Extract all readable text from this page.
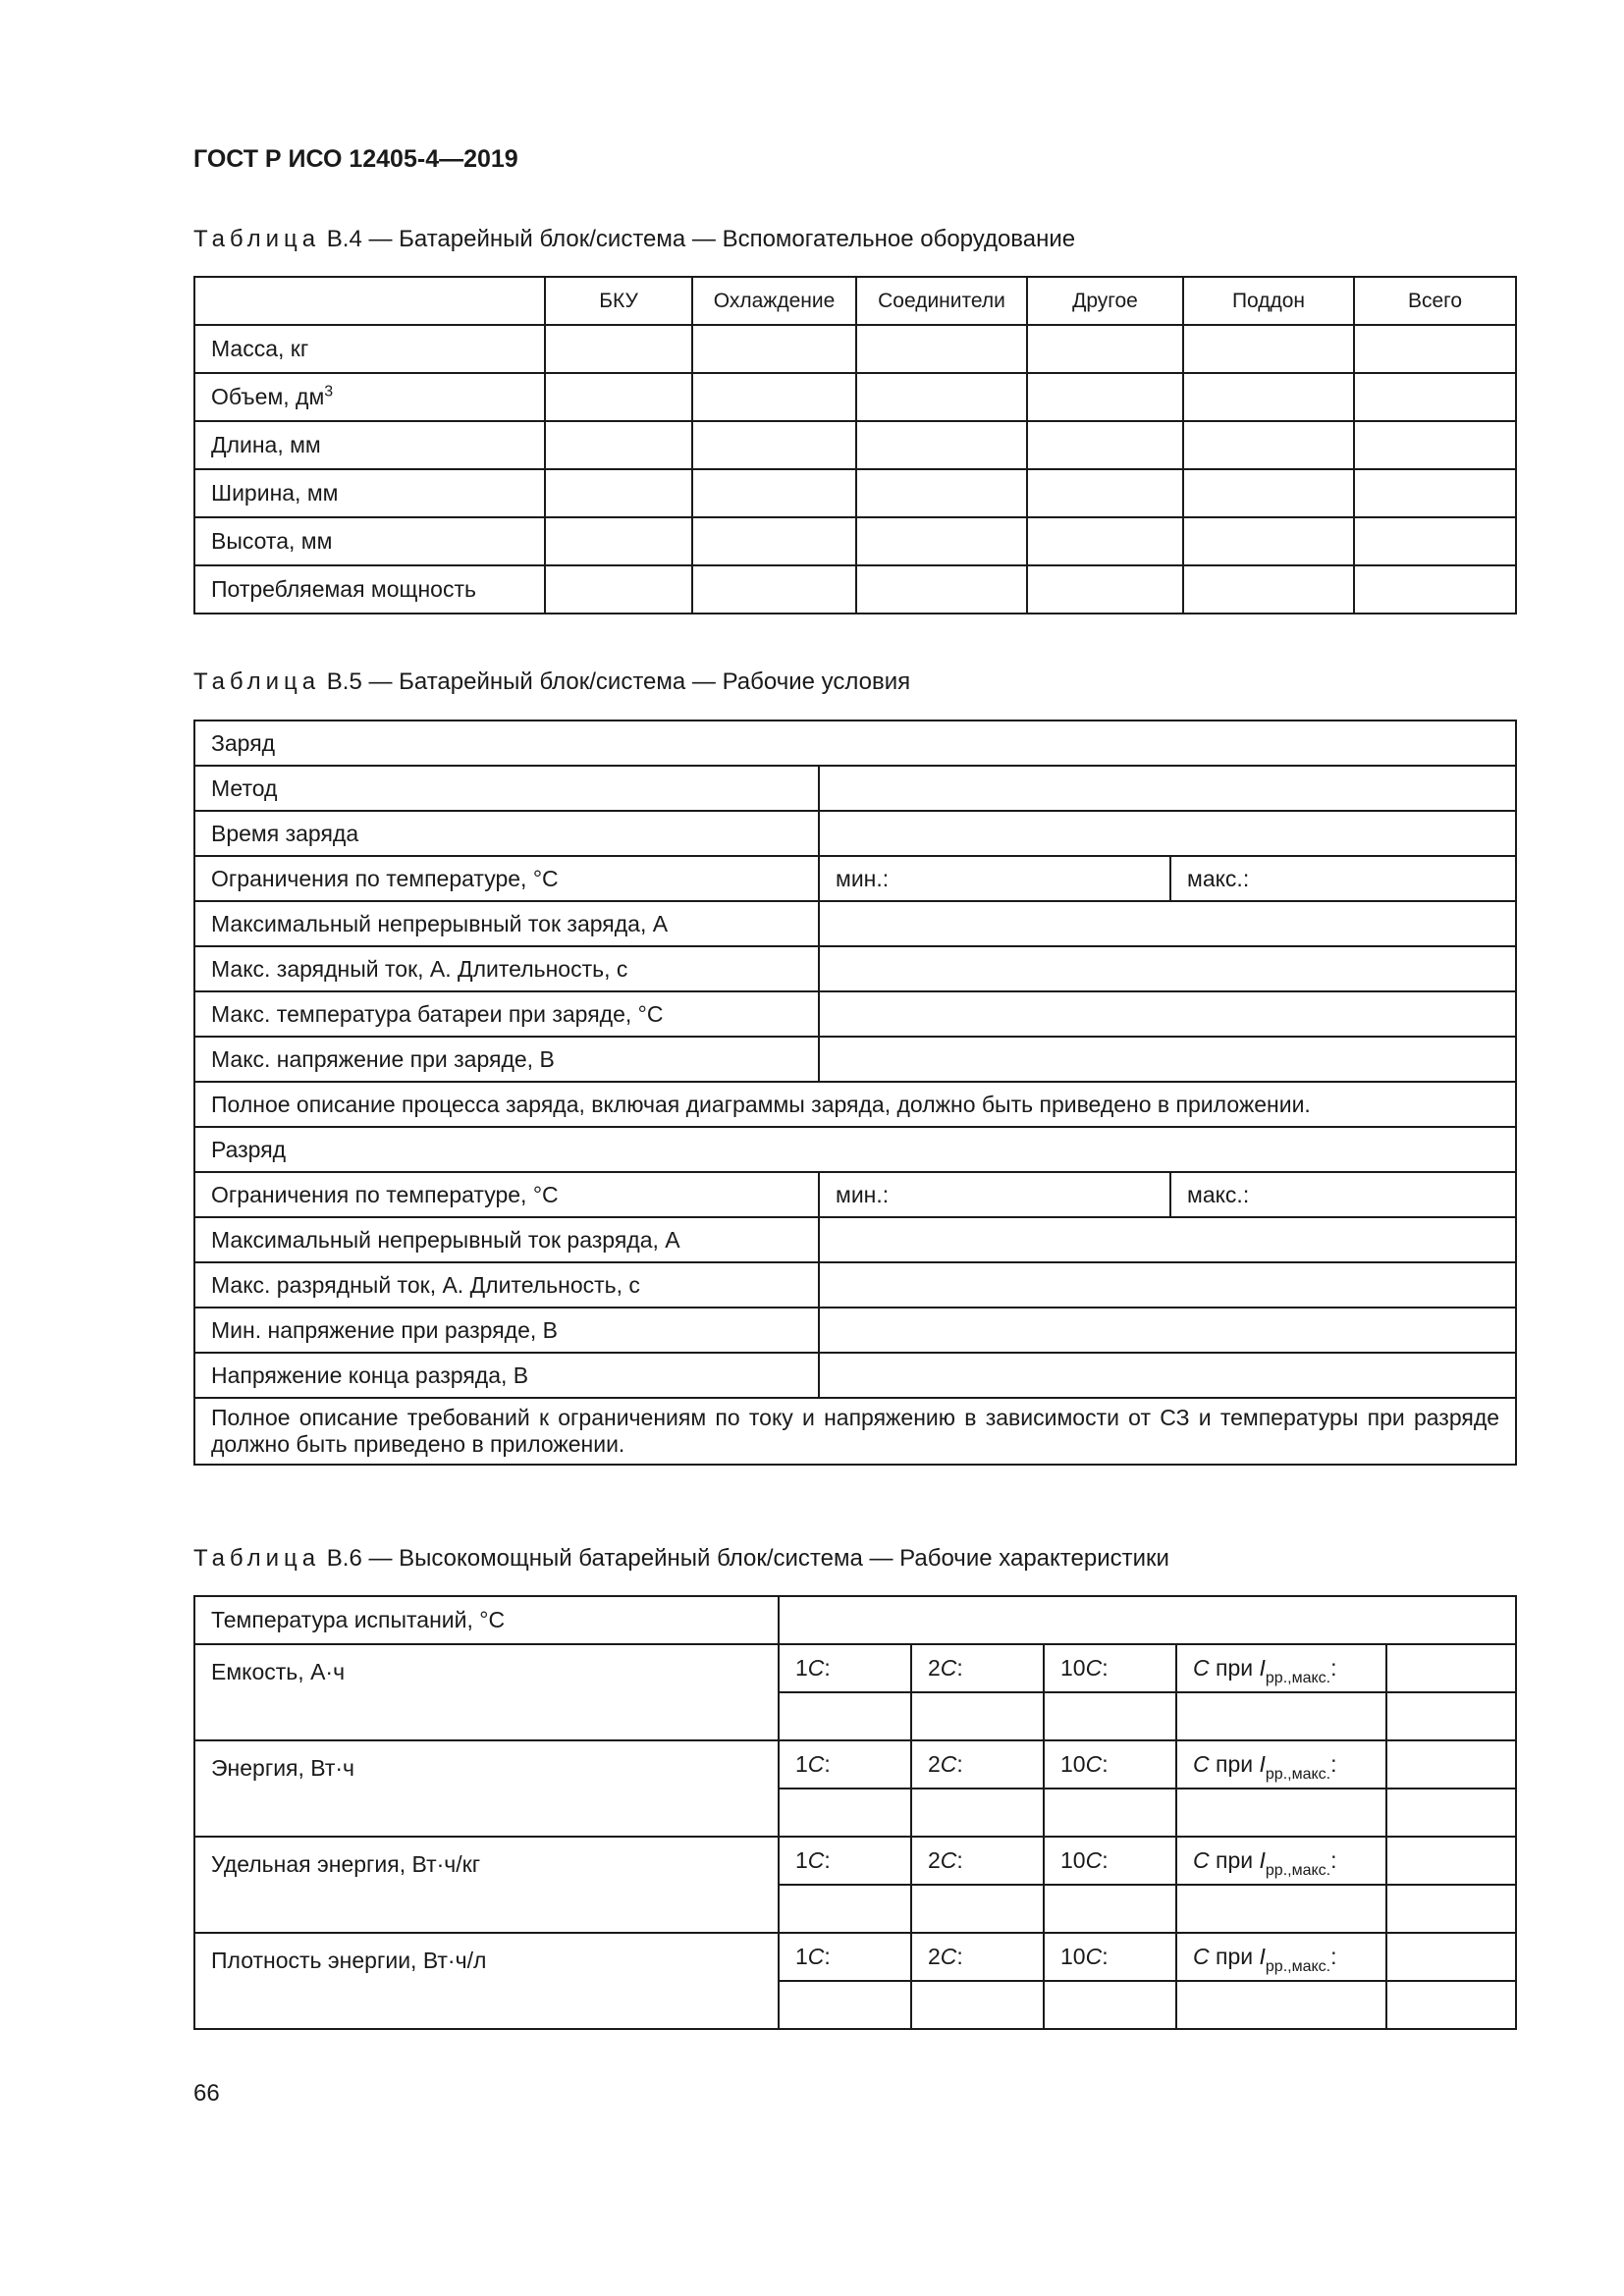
ГОСТ Р ИСО 12405-4—2019

Таблица В.4 — Батарейный блок/система — Вспомогательное оборудование

	БКУ	Охлаждение	Соединители	Другое	Поддон	Всего
Масса, кг						
Объем, $дм^3$						
Длина, мм						
Ширина, мм						
Высота, мм						
Потребляемая мощность						

Таблица В.5 — Батарейный блок/система — Рабочие условия

Заряд		
Метод		
Время заряда		
Ограничения по температуре, °С	мин.:	макс.:
Максимальный непрерывный ток заряда, А		
Макс. зарядный ток, А. Длительность, с		
Макс. температура батареи при заряде, °С		
Макс. напряжение при заряде, В		
Полное описание процесса заряда, включая диаграммы заряда, должно быть приведено в приложении.		
Разряд		
Ограничения по температуре, °С	мин.:	макс.:
Максимальный непрерывный ток разряда, А		
Макс. разрядный ток, А. Длительность, с		
Мин. напряжение при разряде, В		
Напряжение конца разряда, В		
Полное описание требований к ограничениям по току и напряжению в зависимости от СЗ и температуры при разряде должно быть приведено в приложении.		

Таблица В.6 — Высокомощный батарейный блок/система — Рабочие характеристики

Температура испытаний, °С					
Емкость, А·ч	1C:	2C:	10C:	C при $I_{рр.,макс.}$:	

Энергия, Вт·ч	1C:	2C:	10C:	C при $I_{рр.,макс.}$:	

Удельная энергия, Вт·ч/кг	1C:	2C:	10C:	C при $I_{рр.,макс.}$:	

Плотность энергии, Вт·ч/л	1C:	2C:	10C:	C при $I_{рр.,макс.}$:	

66
